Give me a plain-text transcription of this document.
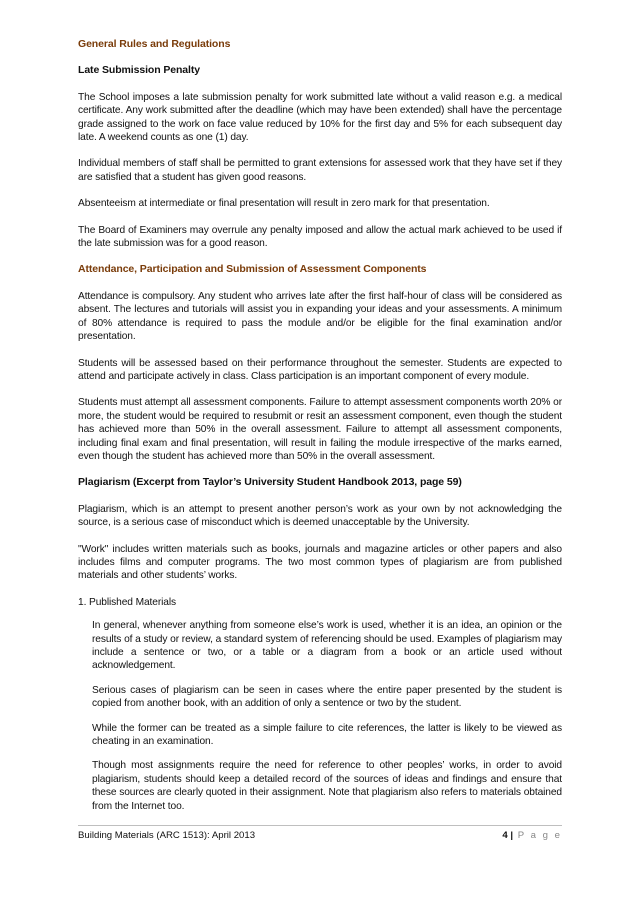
General Rules and Regulations
Late Submission Penalty

The School imposes a late submission penalty for work submitted late without a valid reason e.g. a medical certificate. Any work submitted after the deadline (which may have been extended) shall have the percentage grade assigned to the work on face value reduced by 10% for the first day and 5% for each subsequent day late. A weekend counts as one (1) day.

Individual members of staff shall be permitted to grant extensions for assessed work that they have set if they are satisfied that a student has given good reasons.

Absenteeism at intermediate or final presentation will result in zero mark for that presentation.

The Board of Examiners may overrule any penalty imposed and allow the actual mark achieved to be used if the late submission was for a good reason.

Attendance, Participation and Submission of Assessment Components

Attendance is compulsory. Any student who arrives late after the first half-hour of class will be considered as absent. The lectures and tutorials will assist you in expanding your ideas and your assessments. A minimum of 80% attendance is required to pass the module and/or be eligible for the final examination and/or presentation.

Students will be assessed based on their performance throughout the semester. Students are expected to attend and participate actively in class. Class participation is an important component of every module.

Students must attempt all assessment components. Failure to attempt assessment components worth 20% or more, the student would be required to resubmit or resit an assessment component, even though the student has achieved more than 50% in the overall assessment. Failure to attempt all assessment components, including final exam and final presentation, will result in failing the module irrespective of the marks earned, even though the student has achieved more than 50% in the overall assessment.

Plagiarism (Excerpt from Taylor’s University Student Handbook 2013, page 59)

Plagiarism, which is an attempt to present another person’s work as your own by not acknowledging the source, is a serious case of misconduct which is deemed unacceptable by the University.

"Work" includes written materials such as books, journals and magazine articles or other papers and also includes films and computer programs. The two most common types of plagiarism are from published materials and other students’ works.

1. Published Materials

In general, whenever anything from someone else’s work is used, whether it is an idea, an opinion or the results of a study or review, a standard system of referencing should be used. Examples of plagiarism may include a sentence or two, or a table or a diagram from a book or an article used without acknowledgement.

Serious cases of plagiarism can be seen in cases where the entire paper presented by the student is copied from another book, with an addition of only a sentence or two by the student.

While the former can be treated as a simple failure to cite references, the latter is likely to be viewed as cheating in an examination.

Though most assignments require the need for reference to other peoples’ works, in order to avoid plagiarism, students should keep a detailed record of the sources of ideas and findings and ensure that these sources are clearly quoted in their assignment. Note that plagiarism also refers to materials obtained from the Internet too.

Building Materials (ARC 1513): April 2013	4 | P a g e
